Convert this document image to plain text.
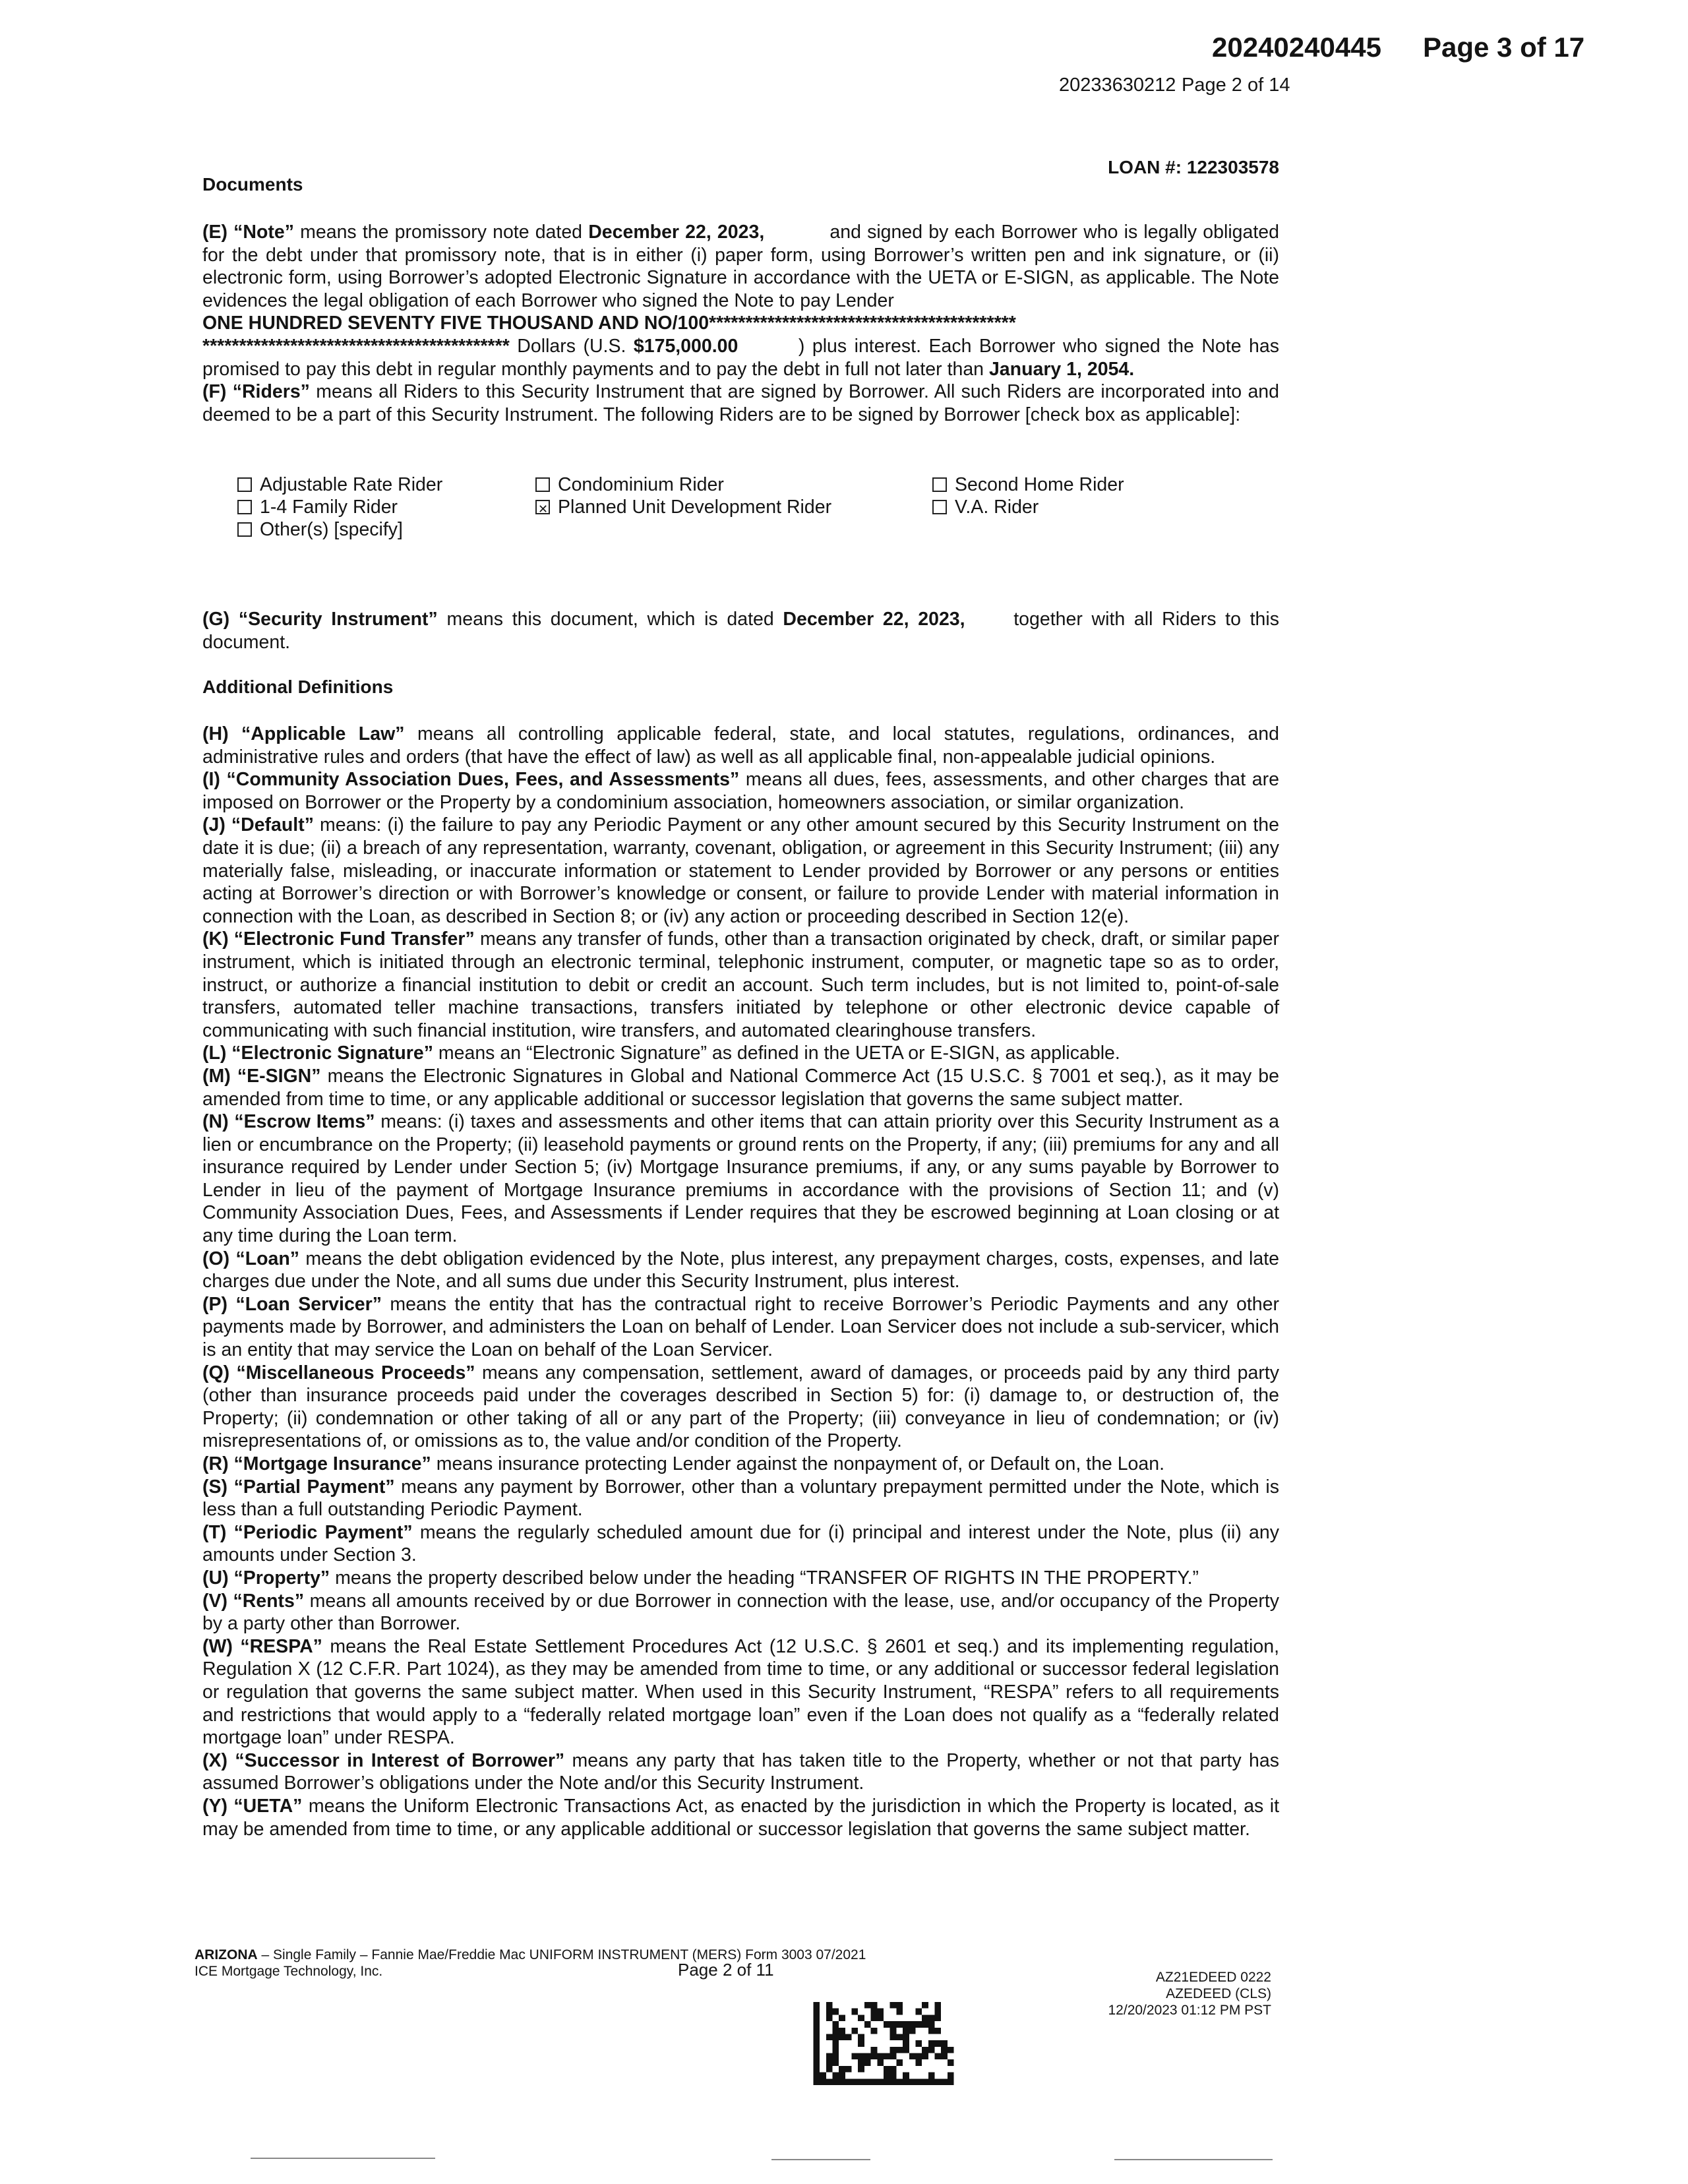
20240240445 Page 3 of 17
20233630212 Page 2 of 14
Documents
LOAN #: 122303578

(E) “Note” means the promissory note dated December 22, 2023,	and signed by each Borrower who is legally obligated for the debt under that promissory note, that is in either (i) paper form, using Borrower’s written pen and ink signature, or (ii) electronic form, using Borrower’s adopted Electronic Signature in accordance with the UETA or E-SIGN, as applicable. The Note evidences the legal obligation of each Borrower who signed the Note to pay Lender

ONE HUNDRED SEVENTY FIVE THOUSAND AND NO/100******************************************

****************************************** Dollars (U.S. $175,000.00	) plus interest. Each Borrower who signed the Note has promised to pay this debt in regular monthly payments and to pay the debt in full not later than January 1, 2054.

(F) “Riders” means all Riders to this Security Instrument that are signed by Borrower. All such Riders are incorporated into and deemed to be a part of this Security Instrument. The following Riders are to be signed by Borrower [check box as applicable]:

Adjustable Rate Rider	Condominium Rider	Second Home Rider
1-4 Family Rider
✕	Planned Unit Development Rider	V.A. Rider
Other(s) [specify]

(G) “Security Instrument” means this document, which is dated December 22, 2023, together with all Riders to this document.

Additional Definitions

(H) “Applicable Law” means all controlling applicable federal, state, and local statutes, regulations, ordinances, and administrative rules and orders (that have the effect of law) as well as all applicable final, non-appealable judicial opinions.

(I) “Community Association Dues, Fees, and Assessments” means all dues, fees, assessments, and other charges that are imposed on Borrower or the Property by a condominium association, homeowners association, or similar organization.

(J) “Default” means: (i) the failure to pay any Periodic Payment or any other amount secured by this Security Instrument on the date it is due; (ii) a breach of any representation, warranty, covenant, obligation, or agreement in this Security Instrument; (iii) any materially false, misleading, or inaccurate information or statement to Lender provided by Borrower or any persons or entities acting at Borrower’s direction or with Borrower’s knowledge or consent, or failure to provide Lender with material information in connection with the Loan, as described in Section 8; or (iv) any action or proceeding described in Section 12(e).

(K) “Electronic Fund Transfer” means any transfer of funds, other than a transaction originated by check, draft, or similar paper instrument, which is initiated through an electronic terminal, telephonic instrument, computer, or magnetic tape so as to order, instruct, or authorize a financial institution to debit or credit an account. Such term includes, but is not limited to, point-of-sale transfers, automated teller machine transactions, transfers initiated by telephone or other electronic device capable of communicating with such financial institution, wire transfers, and automated clearinghouse transfers.

(L) “Electronic Signature” means an “Electronic Signature” as defined in the UETA or E-SIGN, as applicable.

(M) “E-SIGN” means the Electronic Signatures in Global and National Commerce Act (15 U.S.C. § 7001 et seq.), as it may be amended from time to time, or any applicable additional or successor legislation that governs the same subject matter.

(N) “Escrow Items” means: (i) taxes and assessments and other items that can attain priority over this Security Instrument as a lien or encumbrance on the Property; (ii) leasehold payments or ground rents on the Property, if any; (iii) premiums for any and all insurance required by Lender under Section 5; (iv) Mortgage Insurance premiums, if any, or any sums payable by Borrower to Lender in lieu of the payment of Mortgage Insurance premiums in accordance with the provisions of Section 11; and (v) Community Association Dues, Fees, and Assessments if Lender requires that they be escrowed beginning at Loan closing or at any time during the Loan term.

(O) “Loan” means the debt obligation evidenced by the Note, plus interest, any prepayment charges, costs, expenses, and late charges due under the Note, and all sums due under this Security Instrument, plus interest.

(P) “Loan Servicer” means the entity that has the contractual right to receive Borrower’s Periodic Payments and any other payments made by Borrower, and administers the Loan on behalf of Lender. Loan Servicer does not include a sub-servicer, which is an entity that may service the Loan on behalf of the Loan Servicer.

(Q) “Miscellaneous Proceeds” means any compensation, settlement, award of damages, or proceeds paid by any third party (other than insurance proceeds paid under the coverages described in Section 5) for: (i) damage to, or destruction of, the Property; (ii) condemnation or other taking of all or any part of the Property; (iii) conveyance in lieu of condemnation; or (iv) misrepresentations of, or omissions as to, the value and/or condition of the Property.

(R) “Mortgage Insurance” means insurance protecting Lender against the nonpayment of, or Default on, the Loan.

(S) “Partial Payment” means any payment by Borrower, other than a voluntary prepayment permitted under the Note, which is less than a full outstanding Periodic Payment.

(T) “Periodic Payment” means the regularly scheduled amount due for (i) principal and interest under the Note, plus (ii) any amounts under Section 3.

(U) “Property” means the property described below under the heading “TRANSFER OF RIGHTS IN THE PROPERTY.”

(V) “Rents” means all amounts received by or due Borrower in connection with the lease, use, and/or occupancy of the Property by a party other than Borrower.

(W) “RESPA” means the Real Estate Settlement Procedures Act (12 U.S.C. § 2601 et seq.) and its implementing regulation, Regulation X (12 C.F.R. Part 1024), as they may be amended from time to time, or any additional or successor federal legislation or regulation that governs the same subject matter. When used in this Security Instrument, “RESPA” refers to all requirements and restrictions that would apply to a “federally related mortgage loan” even if the Loan does not qualify as a “federally related mortgage loan” under RESPA.

(X) “Successor in Interest of Borrower” means any party that has taken title to the Property, whether or not that party has assumed Borrower’s obligations under the Note and/or this Security Instrument.

(Y) “UETA” means the Uniform Electronic Transactions Act, as enacted by the jurisdiction in which the Property is located, as it may be amended from time to time, or any applicable additional or successor legislation that governs the same subject matter.

ARIZONA – Single Family – Fannie Mae/Freddie Mac UNIFORM INSTRUMENT (MERS) Form 3003 07/2021
ICE Mortgage Technology, Inc.	Page 2 of 11	AZ21EDEED 0222
AZEDEED (CLS)
12/20/2023 01:12 PM PST
